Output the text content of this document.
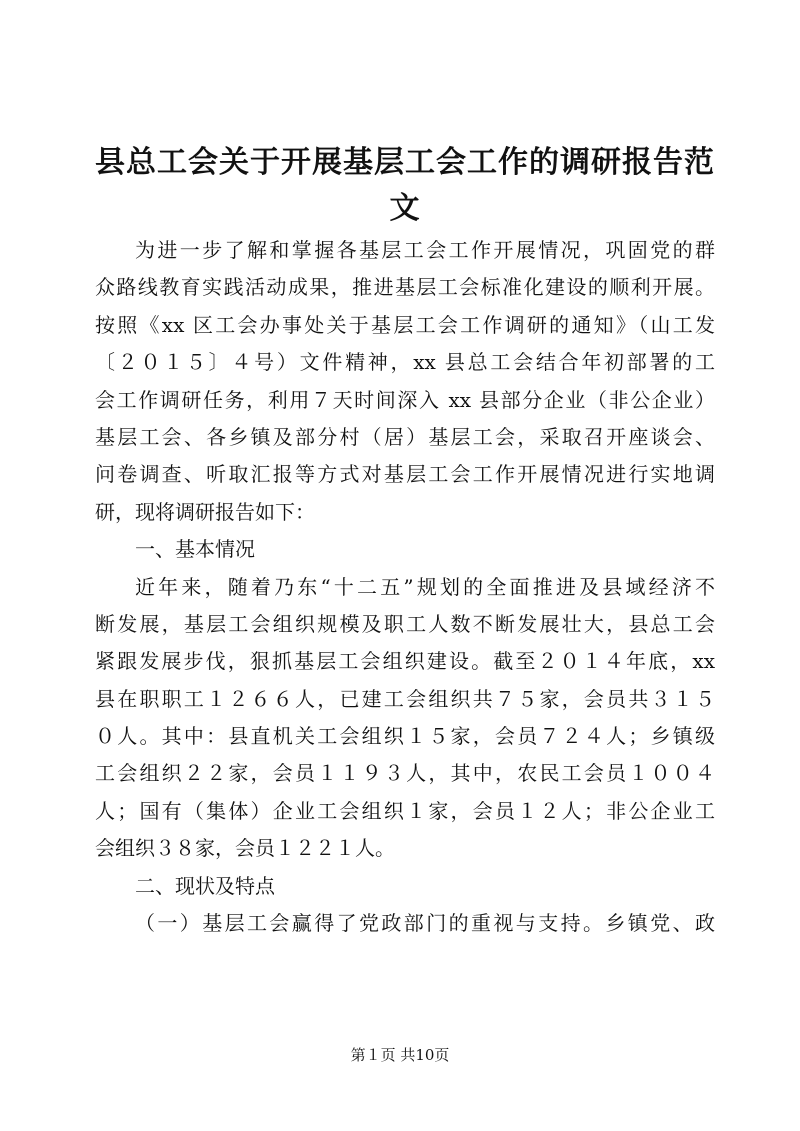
县总工会关于开展基层工会工作的调研报告范
文
为进一步了解和掌握各基层工会工作开展情况，巩固党的群
众路线教育实践活动成果，推进基层工会标准化建设的顺利开展。
按照《xx 区工会办事处关于基层工会工作调研的通知》（山工发
〔２０１５〕４号）文件精神，xx 县总工会结合年初部署的工
会工作调研任务，利用７天时间深入 xx 县部分企业（非公企业）
基层工会、各乡镇及部分村（居）基层工会，采取召开座谈会、
问卷调查、听取汇报等方式对基层工会工作开展情况进行实地调
研，现将调研报告如下：
一、基本情况
近年来，随着乃东“十二五”规划的全面推进及县域经济不
断发展，基层工会组织规模及职工人数不断发展壮大，县总工会
紧跟发展步伐，狠抓基层工会组织建设。截至２０１４年底，xx
县在职职工１２６６人，已建工会组织共７５家，会员共３１５
０人。其中：县直机关工会组织１５家，会员７２４人；乡镇级
工会组织２２家，会员１１９３人，其中，农民工会员１００４
人；国有（集体）企业工会组织１家，会员１２人；非公企业工
会组织３８家，会员１２２１人。
二、现状及特点
（一）基层工会赢得了党政部门的重视与支持。乡镇党、政
第１页 共10页
